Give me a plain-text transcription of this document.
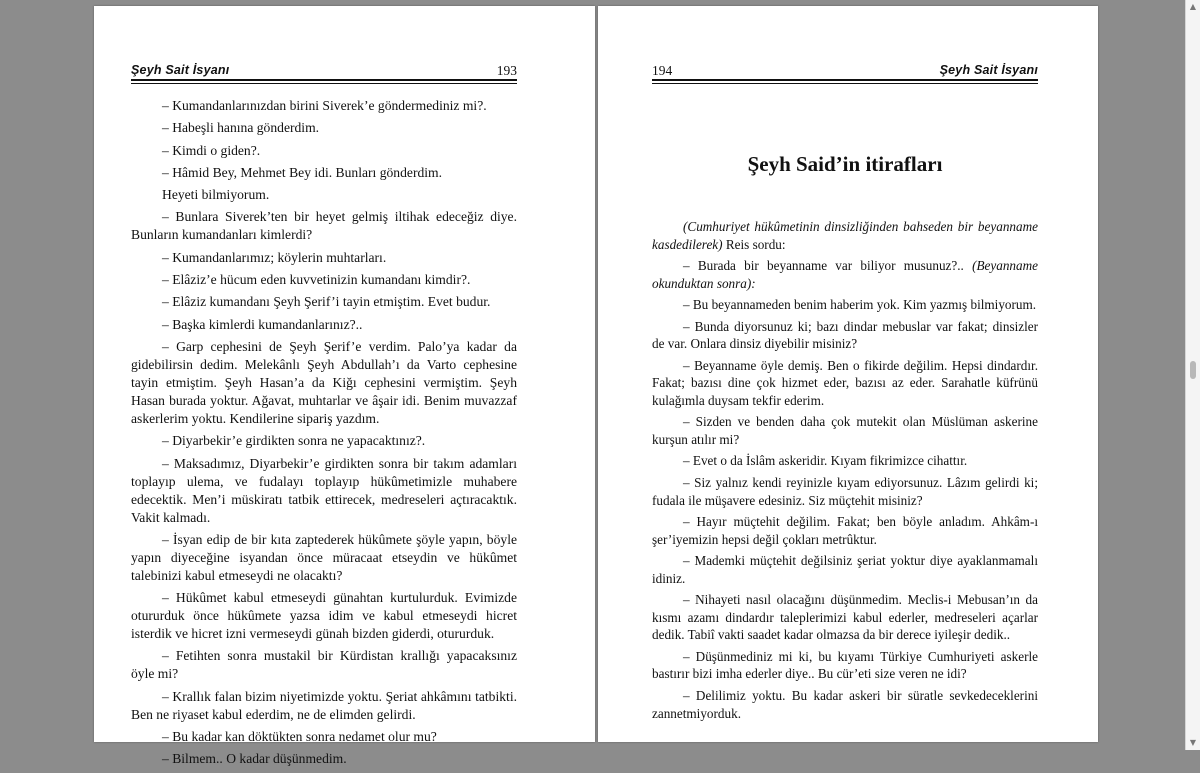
Şeyh Sait İsyanı	193

– Kumandanlarınızdan birini Siverek’e göndermediniz mi?.

– Habeşli hanına gönderdim.

– Kimdi o giden?.

– Hâmid Bey, Mehmet Bey idi. Bunları gönderdim.

Heyeti bilmiyorum.

– Bunlara Siverek’ten bir heyet gelmiş iltihak edeceğiz diye. Bunların kumandanları kimlerdi?

– Kumandanlarımız; köylerin muhtarları.

– Elâziz’e hücum eden kuvvetinizin kumandanı kimdir?.

– Elâziz kumandanı Şeyh Şerif’i tayin etmiştim. Evet budur.

– Başka kimlerdi kumandanlarınız?..

– Garp cephesini de Şeyh Şerif’e verdim. Palo’ya kadar da gidebilirsin dedim. Melekânlı Şeyh Abdullah’ı da Varto cephesine tayin etmiştim. Şeyh Hasan’a da Kiğı cephesini vermiştim. Şeyh Hasan burada yoktur. Ağavat, muhtarlar ve âşair idi. Benim muvazzaf askerlerim yoktu. Kendilerine sipariş yazdım.

– Diyarbekir’e girdikten sonra ne yapacaktınız?.

– Maksadımız, Diyarbekir’e girdikten sonra bir takım adamları toplayıp ulema, ve fudalayı toplayıp hükûmetimizle muhabere edecektik. Men’i müskiratı tatbik ettirecek, medreseleri açtıracaktık. Vakit kalmadı.

– İsyan edip de bir kıta zaptederek hükûmete şöyle yapın, böyle yapın diyeceğine isyandan önce müracaat etseydin ve hükûmet talebinizi kabul etmeseydi ne olacaktı?

– Hükûmet kabul etmeseydi günahtan kurtulurduk. Evimizde otururduk önce hükûmete yazsa idim ve kabul etmeseydi hicret isterdik ve hicret izni vermeseydi günah bizden giderdi, otururduk.

– Fetihten sonra mustakil bir Kürdistan krallığı yapacaksınız öyle mi?

– Krallık falan bizim niyetimizde yoktu. Şeriat ahkâmını tatbikti. Ben ne riyaset kabul ederdim, ne de elimden gelirdi.

– Bu kadar kan döktükten sonra nedamet olur mu?

– Bilmem.. O kadar düşünmedim.

194	Şeyh Sait İsyanı
Şeyh Said’in itirafları

(Cumhuriyet hükûmetinin dinsizliğinden bahseden bir beyanname kasdedilerek) Reis sordu:

– Burada bir beyanname var biliyor musunuz?.. (Beyanname okunduktan sonra):

– Bu beyannameden benim haberim yok. Kim yazmış bilmiyorum.

– Bunda diyorsunuz ki; bazı dindar mebuslar var fakat; dinsizler de var. Onlara dinsiz diyebilir misiniz?

– Beyanname öyle demiş. Ben o fikirde değilim. Hepsi dindardır. Fakat; bazısı dine çok hizmet eder, bazısı az eder. Sarahatle küfrünü kulağımla duysam tekfir ederim.

– Sizden ve benden daha çok mutekit olan Müslüman askerine kurşun atılır mi?

– Evet o da İslâm askeridir. Kıyam fikrimizce cihattır.

– Siz yalnız kendi reyinizle kıyam ediyorsunuz. Lâzım gelirdi ki; fudala ile müşavere edesiniz. Siz müçtehit misiniz?

– Hayır müçtehit değilim. Fakat; ben böyle anladım. Ahkâm-ı şer’iyemizin hepsi değil çokları metrûktur.

– Mademki müçtehit değilsiniz şeriat yoktur diye ayaklanmamalı idiniz.

– Nihayeti nasıl olacağını düşünmedim. Meclis-i Mebusan’ın da kısmı azamı dindardır taleplerimizi kabul ederler, medreseleri açarlar dedik. Tabiî vakti saadet kadar olmazsa da bir derece iyileşir dedik..

– Düşünmediniz mi ki, bu kıyamı Türkiye Cumhuriyeti askerle bastırır bizi imha ederler diye.. Bu cür’eti size veren ne idi?

– Delilimiz yoktu. Bu kadar askeri bir süratle sevkedeceklerini zannetmiyorduk.

▲
▼
